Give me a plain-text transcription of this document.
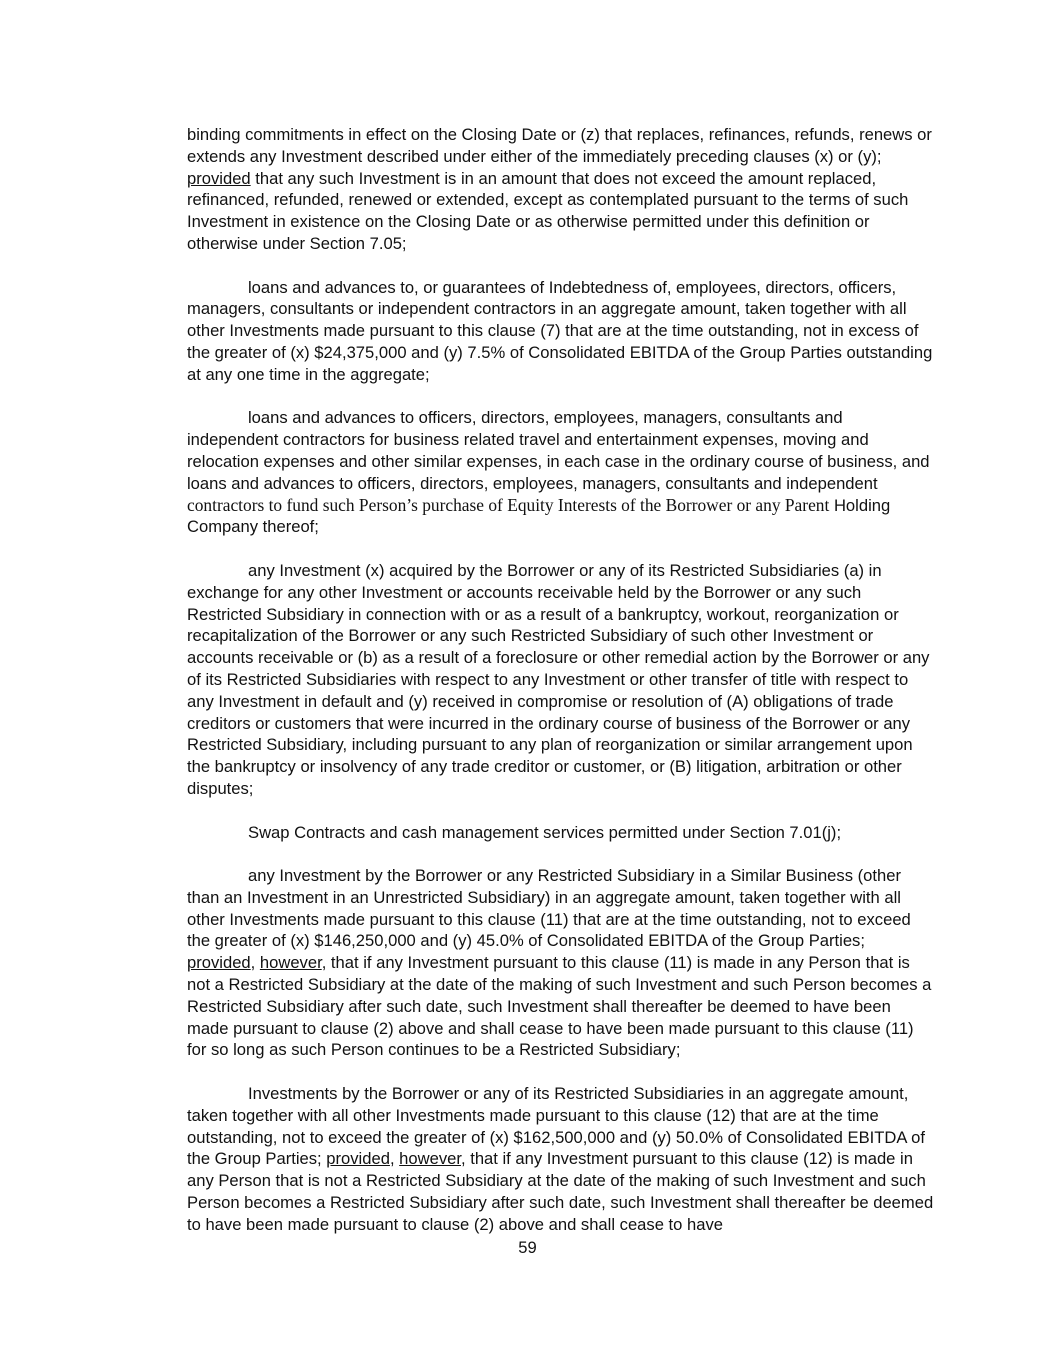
binding commitments in effect on the Closing Date or (z) that replaces, refinances, refunds, renews or extends any Investment described under either of the immediately preceding clauses (x) or (y); provided that any such Investment is in an amount that does not exceed the amount replaced, refinanced, refunded, renewed or extended, except as contemplated pursuant to the terms of such Investment in existence on the Closing Date or as otherwise permitted under this definition or otherwise under Section 7.05;

loans and advances to, or guarantees of Indebtedness of, employees, directors, officers, managers, consultants or independent contractors in an aggregate amount, taken together with all other Investments made pursuant to this clause (7) that are at the time outstanding, not in excess of the greater of (x) $24,375,000 and (y) 7.5% of Consolidated EBITDA of the Group Parties outstanding at any one time in the aggregate;

loans and advances to officers, directors, employees, managers, consultants and independent contractors for business related travel and entertainment expenses, moving and relocation expenses and other similar expenses, in each case in the ordinary course of business, and loans and advances to officers, directors, employees, managers, consultants and independent contractors to fund such Person’s purchase of Equity Interests of the Borrower or any Parent Holding Company thereof;

any Investment (x) acquired by the Borrower or any of its Restricted Subsidiaries (a) in exchange for any other Investment or accounts receivable held by the Borrower or any such Restricted Subsidiary in connection with or as a result of a bankruptcy, workout, reorganization or recapitalization of the Borrower or any such Restricted Subsidiary of such other Investment or accounts receivable or (b) as a result of a foreclosure or other remedial action by the Borrower or any of its Restricted Subsidiaries with respect to any Investment or other transfer of title with respect to any Investment in default and (y) received in compromise or resolution of (A) obligations of trade creditors or customers that were incurred in the ordinary course of business of the Borrower or any Restricted Subsidiary, including pursuant to any plan of reorganization or similar arrangement upon the bankruptcy or insolvency of any trade creditor or customer, or (B) litigation, arbitration or other disputes;

Swap Contracts and cash management services permitted under Section 7.01(j);

any Investment by the Borrower or any Restricted Subsidiary in a Similar Business (other than an Investment in an Unrestricted Subsidiary) in an aggregate amount, taken together with all other Investments made pursuant to this clause (11) that are at the time outstanding, not to exceed the greater of (x) $146,250,000 and (y) 45.0% of Consolidated EBITDA of the Group Parties; provided, however, that if any Investment pursuant to this clause (11) is made in any Person that is not a Restricted Subsidiary at the date of the making of such Investment and such Person becomes a Restricted Subsidiary after such date, such Investment shall thereafter be deemed to have been made pursuant to clause (2) above and shall cease to have been made pursuant to this clause (11) for so long as such Person continues to be a Restricted Subsidiary;

Investments by the Borrower or any of its Restricted Subsidiaries in an aggregate amount, taken together with all other Investments made pursuant to this clause (12) that are at the time outstanding, not to exceed the greater of (x) $162,500,000 and (y) 50.0% of Consolidated EBITDA of the Group Parties; provided, however, that if any Investment pursuant to this clause (12) is made in any Person that is not a Restricted Subsidiary at the date of the making of such Investment and such Person becomes a Restricted Subsidiary after such date, such Investment shall thereafter be deemed to have been made pursuant to clause (2) above and shall cease to have

59
